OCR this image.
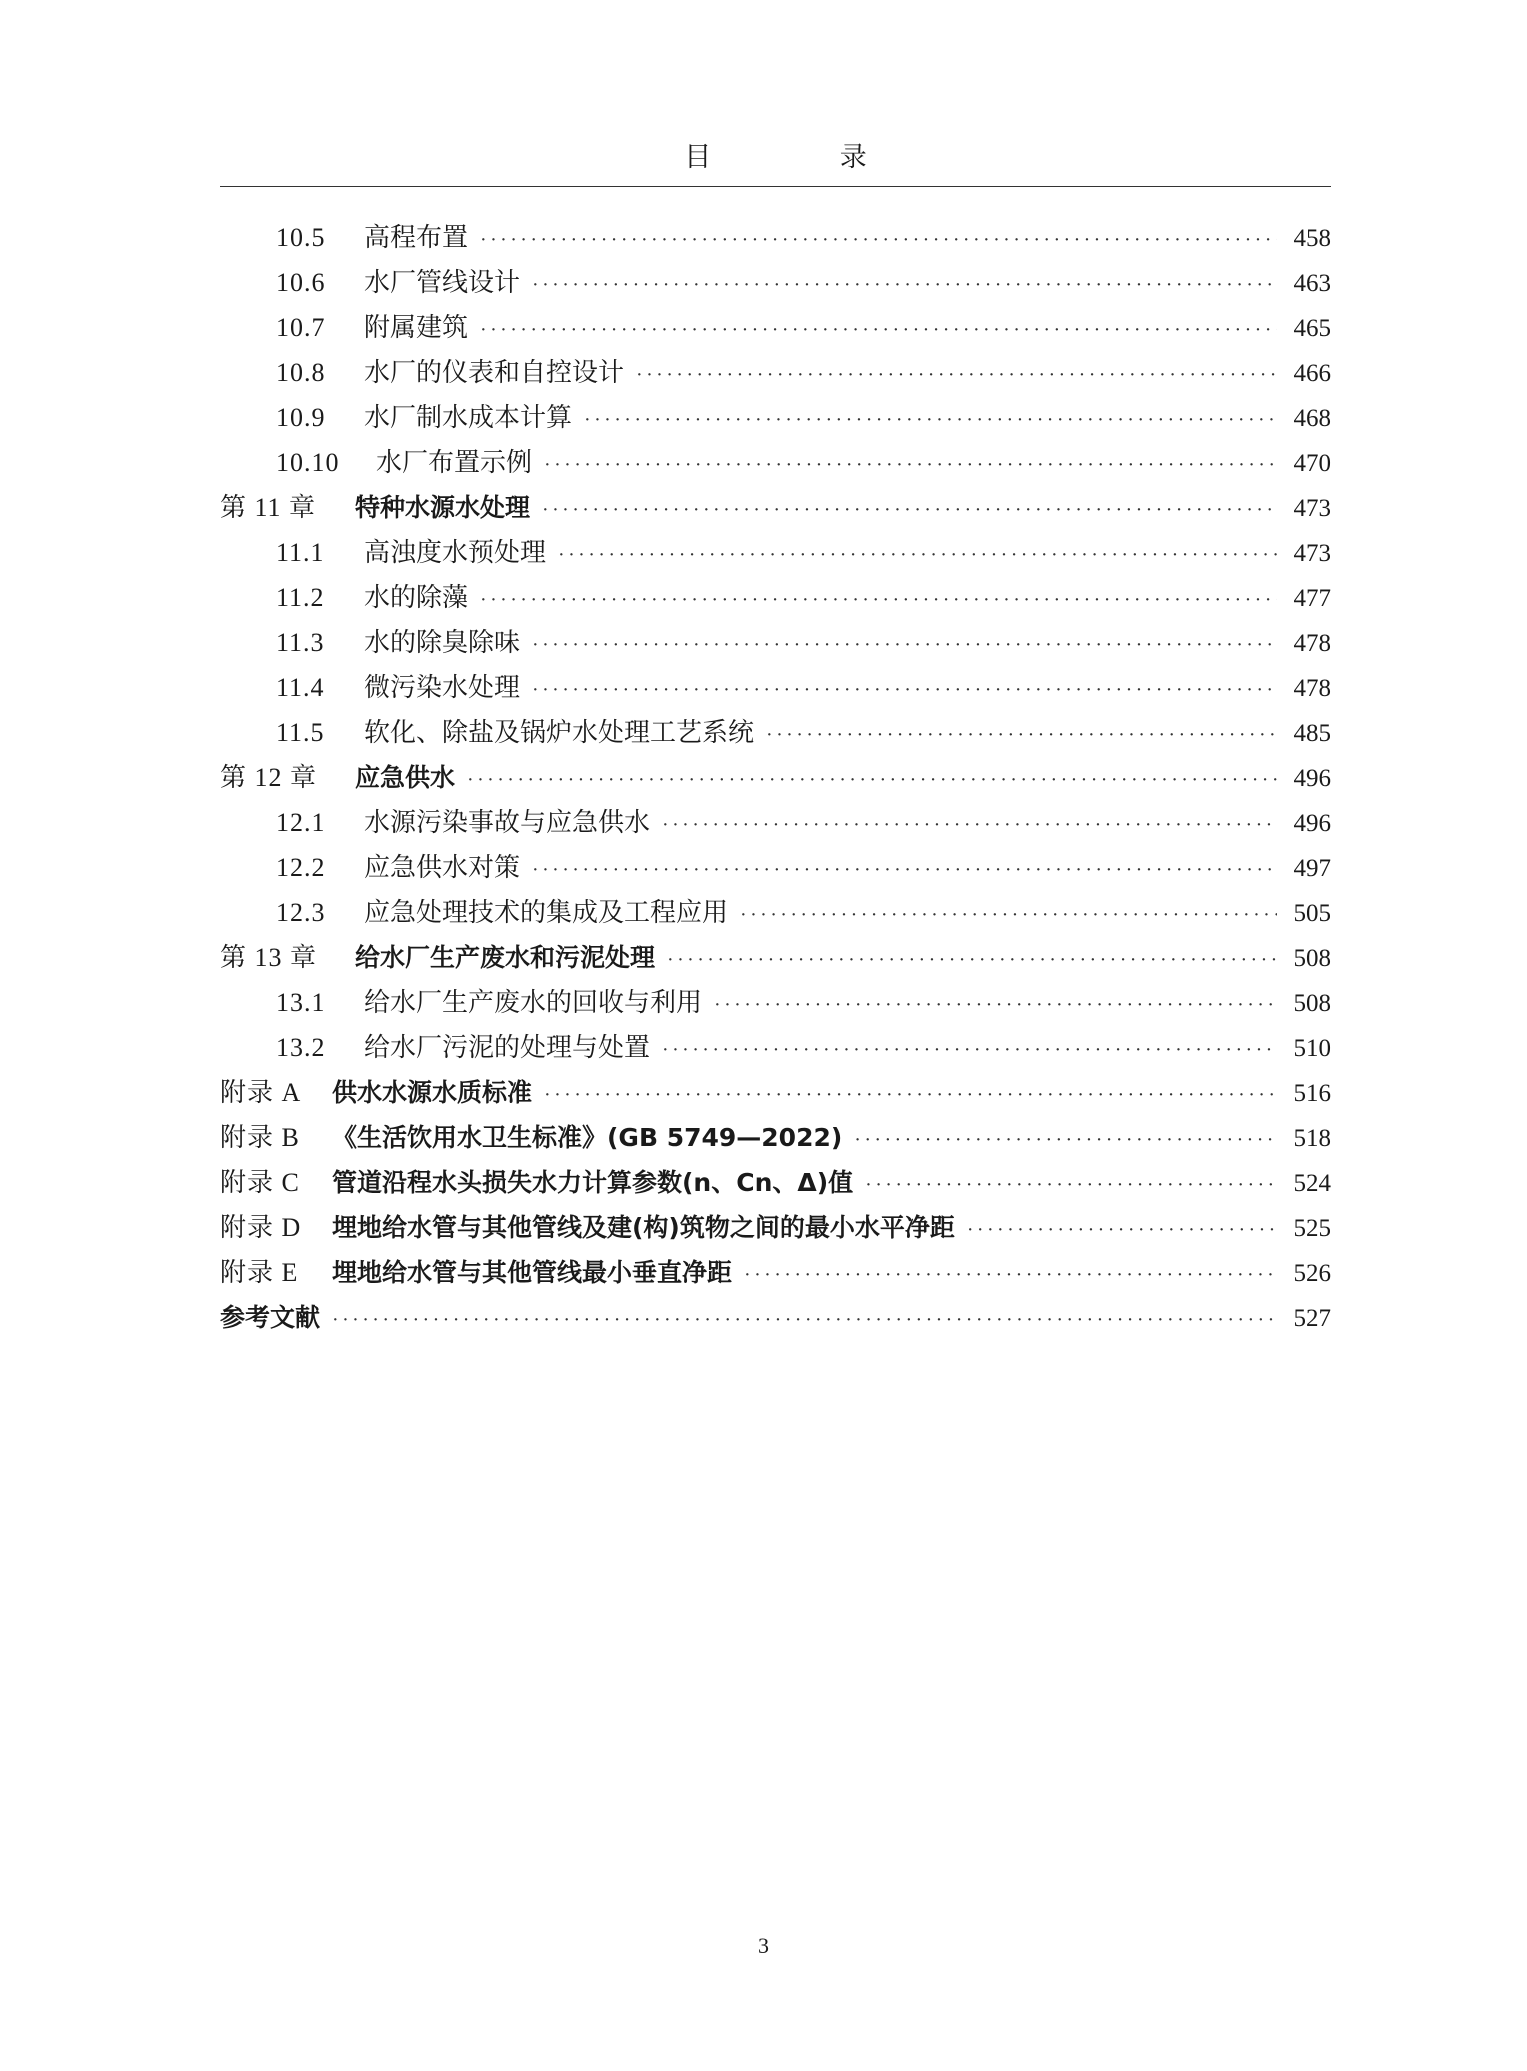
目 录
10.5	高程布置 ·····	458
10.6	水厂管线设计 ·····	463
10.7	附属建筑 ·····	465
10.8	水厂的仪表和自控设计 ·····	466
10.9	水厂制水成本计算 ·····	468
10.10	水厂布置示例 ·····	470
第 11 章	特种水源水处理 ·····	473
11.1	高浊度水预处理 ·····	473
11.2	水的除藻 ·····	477
11.3	水的除臭除味 ·····	478
11.4	微污染水处理 ·····	478
11.5	软化、除盐及锅炉水处理工艺系统 ·····	485
第 12 章	应急供水 ·····	496
12.1	水源污染事故与应急供水 ·····	496
12.2	应急供水对策 ·····	497
12.3	应急处理技术的集成及工程应用 ·····	505
第 13 章	给水厂生产废水和污泥处理 ·····	508
13.1	给水厂生产废水的回收与利用 ·····	508
13.2	给水厂污泥的处理与处置 ·····	510
附录 A	供水水源水质标准 ·····	516
附录 B	《生活饮用水卫生标准》(GB 5749—2022) ·····	518
附录 C	管道沿程水头损失水力计算参数(n、Cn、Δ)值 ·····	524
附录 D	埋地给水管与其他管线及建(构)筑物之间的最小水平净距 ·····	525
附录 E	埋地给水管与其他管线最小垂直净距 ·····	526
参考文献 ·····	527
3
